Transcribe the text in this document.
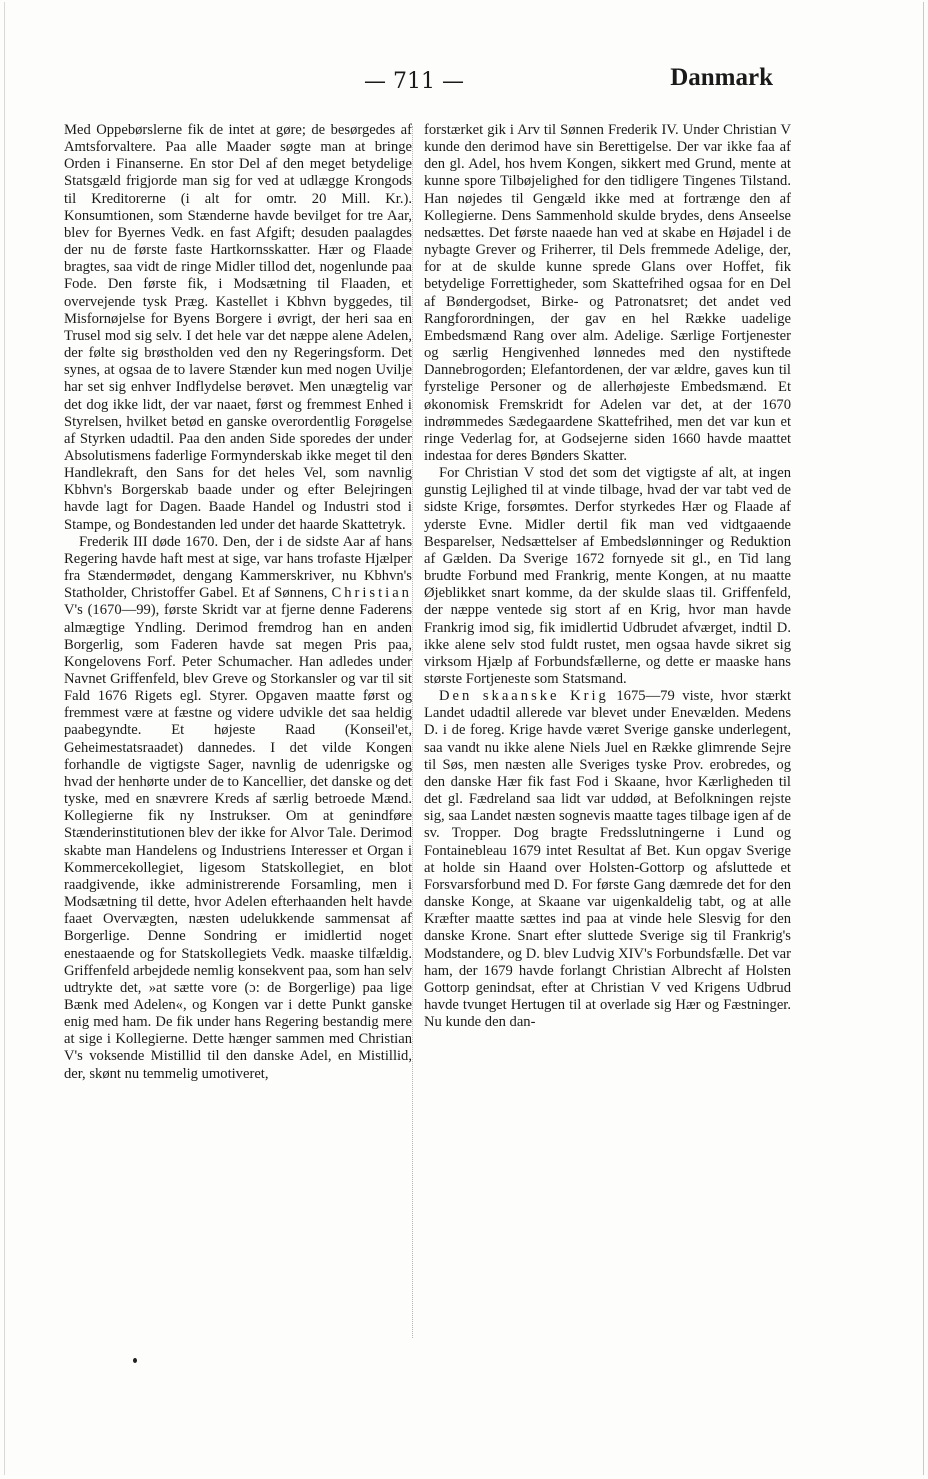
— 711 —	Danmark

Med Oppebørslerne fik de intet at gøre; de besørgedes af Amtsforvaltere. Paa alle Maader søgte man at bringe Orden i Finanserne. En stor Del af den meget betydelige Statsgæld frigjorde man sig for ved at udlægge Krongods til Kreditorerne (i alt for omtr. 20 Mill. Kr.). Konsumtionen, som Stænderne havde bevilget for tre Aar, blev for Byernes Vedk. en fast Afgift; desuden paalagdes der nu de første faste Hartkornsskatter. Hær og Flaade bragtes, saa vidt de ringe Midler tillod det, nogenlunde paa Fode. Den første fik, i Modsætning til Flaaden, et overvejende tysk Præg. Kastellet i Kbhvn byggedes, til Misfornøjelse for Byens Borgere i øvrigt, der heri saa en Trusel mod sig selv. I det hele var det næppe alene Adelen, der følte sig brøstholden ved den ny Regeringsform. Det synes, at ogsaa de to lavere Stænder kun med nogen Uvilje har set sig enhver Indflydelse berøvet. Men unægtelig var det dog ikke lidt, der var naaet, først og fremmest Enhed i Styrelsen, hvilket betød en ganske overordentlig Forøgelse af Styrken udadtil. Paa den anden Side sporedes der under Absolutismens faderlige Formynderskab ikke meget til den Handlekraft, den Sans for det heles Vel, som navnlig Kbhvn's Borgerskab baade under og efter Belejringen havde lagt for Dagen. Baade Handel og Industri stod i Stampe, og Bondestanden led under det haarde Skattetryk.

Frederik III døde 1670. Den, der i de sidste Aar af hans Regering havde haft mest at sige, var hans trofaste Hjælper fra Stændermødet, dengang Kammerskriver, nu Kbhvn's Statholder, Christoffer Gabel. Et af Sønnens, Christian V's (1670—99), første Skridt var at fjerne denne Faderens almægtige Yndling. Derimod fremdrog han en anden Borgerlig, som Faderen havde sat megen Pris paa, Kongelovens Forf. Peter Schumacher. Han adledes under Navnet Griffenfeld, blev Greve og Storkansler og var til sit Fald 1676 Rigets egl. Styrer. Opgaven maatte først og fremmest være at fæstne og videre udvikle det saa heldig paabegyndte. Et højeste Raad (Konseil'et, Geheimestatsraadet) dannedes. I det vilde Kongen forhandle de vigtigste Sager, navnlig de udenrigske og hvad der henhørte under de to Kancellier, det danske og det tyske, med en snævrere Kreds af særlig betroede Mænd. Kollegierne fik ny Instrukser. Om at genindføre Stænderinstitutionen blev der ikke for Alvor Tale. Derimod skabte man Handelens og Industriens Interesser et Organ i Kommercekollegiet, ligesom Statskollegiet, en blot raadgivende, ikke administrerende Forsamling, men i Modsætning til dette, hvor Adelen efterhaanden helt havde faaet Overvægten, næsten udelukkende sammensat af Borgerlige. Denne Sondring er imidlertid noget enestaaende og for Statskollegiets Vedk. maaske tilfældig. Griffenfeld arbejdede nemlig konsekvent paa, som han selv udtrykte det, »at sætte vore (ɔ: de Borgerlige) paa lige Bænk med Adelen«, og Kongen var i dette Punkt ganske enig med ham. De fik under hans Regering bestandig mere at sige i Kollegierne. Dette hænger sammen med Christian V's voksende Mistillid til den danske Adel, en Mistillid, der, skønt nu temmelig umotiveret,

forstærket gik i Arv til Sønnen Frederik IV. Under Christian V kunde den derimod have sin Berettigelse. Der var ikke faa af den gl. Adel, hos hvem Kongen, sikkert med Grund, mente at kunne spore Tilbøjelighed for den tidligere Tingenes Tilstand. Han nøjedes til Gengæld ikke med at fortrænge den af Kollegierne. Dens Sammenhold skulde brydes, dens Anseelse nedsættes. Det første naaede han ved at skabe en Højadel i de nybagte Grever og Friherrer, til Dels fremmede Adelige, der, for at de skulde kunne sprede Glans over Hoffet, fik betydelige Forrettigheder, som Skattefrihed ogsaa for en Del af Bøndergodset, Birke- og Patronatsret; det andet ved Rangforordningen, der gav en hel Række uadelige Embedsmænd Rang over alm. Adelige. Særlige Fortjenester og særlig Hengivenhed lønnedes med den nystiftede Dannebrogorden; Elefantordenen, der var ældre, gaves kun til fyrstelige Personer og de allerhøjeste Embedsmænd. Et økonomisk Fremskridt for Adelen var det, at der 1670 indrømmedes Sædegaardene Skattefrihed, men det var kun et ringe Vederlag for, at Godsejerne siden 1660 havde maattet indestaa for deres Bønders Skatter.

For Christian V stod det som det vigtigste af alt, at ingen gunstig Lejlighed til at vinde tilbage, hvad der var tabt ved de sidste Krige, forsømtes. Derfor styrkedes Hær og Flaade af yderste Evne. Midler dertil fik man ved vidtgaaende Besparelser, Nedsættelser af Embedslønninger og Reduktion af Gælden. Da Sverige 1672 fornyede sit gl., en Tid lang brudte Forbund med Frankrig, mente Kongen, at nu maatte Øjeblikket snart komme, da der skulde slaas til. Griffenfeld, der næppe ventede sig stort af en Krig, hvor man havde Frankrig imod sig, fik imidlertid Udbrudet afværget, indtil D. ikke alene selv stod fuldt rustet, men ogsaa havde sikret sig virksom Hjælp af Forbundsfællerne, og dette er maaske hans største Fortjeneste som Statsmand.

Den skaanske Krig 1675—79 viste, hvor stærkt Landet udadtil allerede var blevet under Enevælden. Medens D. i de foreg. Krige havde været Sverige ganske underlegent, saa vandt nu ikke alene Niels Juel en Række glimrende Sejre til Søs, men næsten alle Sveriges tyske Prov. erobredes, og den danske Hær fik fast Fod i Skaane, hvor Kærligheden til det gl. Fædreland saa lidt var uddød, at Befolkningen rejste sig, saa Landet næsten sognevis maatte tages tilbage igen af de sv. Tropper. Dog bragte Fredsslutningerne i Lund og Fontainebleau 1679 intet Resultat af Bet. Kun opgav Sverige at holde sin Haand over Holsten-Gottorp og afsluttede et Forsvarsforbund med D. For første Gang dæmrede det for den danske Konge, at Skaane var uigenkaldelig tabt, og at alle Kræfter maatte sættes ind paa at vinde hele Slesvig for den danske Krone. Snart efter sluttede Sverige sig til Frankrig's Modstandere, og D. blev Ludvig XIV's Forbundsfælle. Det var ham, der 1679 havde forlangt Christian Albrecht af Holsten Gottorp genindsat, efter at Christian V ved Krigens Udbrud havde tvunget Hertugen til at overlade sig Hær og Fæstninger. Nu kunde den dan-
